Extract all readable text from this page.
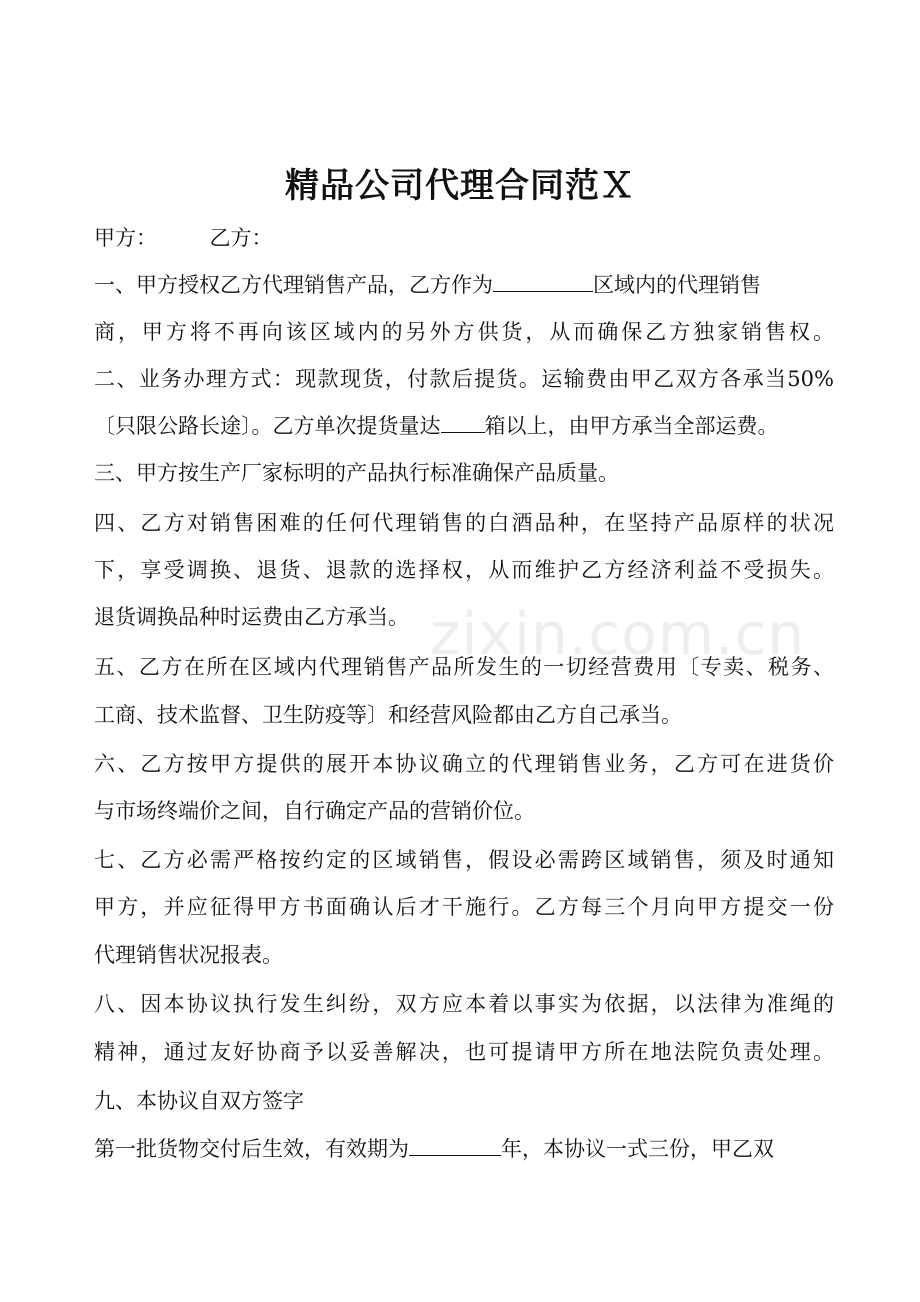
zixin.com.cn
精品公司代理合同范Ｘ
甲方：　　　乙方：
一、甲方授权乙方代理销售产品，乙方作为	区域内的代理销售
商，甲方将不再向该区域内的另外方供货，从而确保乙方独家销售权。
二、业务办理方式：现款现货，付款后提货。运输费由甲乙双方各承当50%
〔只限公路长途〕。乙方单次提货量达 箱以上，由甲方承当全部运费。
三、甲方按生产厂家标明的产品执行标准确保产品质量。
四、乙方对销售困难的任何代理销售的白酒品种，在坚持产品原样的状况
下，享受调换、退货、退款的选择权，从而维护乙方经济利益不受损失。
退货调换品种时运费由乙方承当。
五、乙方在所在区域内代理销售产品所发生的一切经营费用〔专卖、税务、
工商、技术监督、卫生防疫等〕和经营风险都由乙方自己承当。
六、乙方按甲方提供的展开本协议确立的代理销售业务，乙方可在进货价
与市场终端价之间，自行确定产品的营销价位。
七、乙方必需严格按约定的区域销售，假设必需跨区域销售，须及时通知
甲方，并应征得甲方书面确认后才干施行。乙方每三个月向甲方提交一份
代理销售状况报表。
八、因本协议执行发生纠纷，双方应本着以事实为依据，以法律为准绳的
精神，通过友好协商予以妥善解决，也可提请甲方所在地法院负责处理。
九、本协议自双方签字
第一批货物交付后生效，有效期为	年，本协议一式三份，甲乙双
